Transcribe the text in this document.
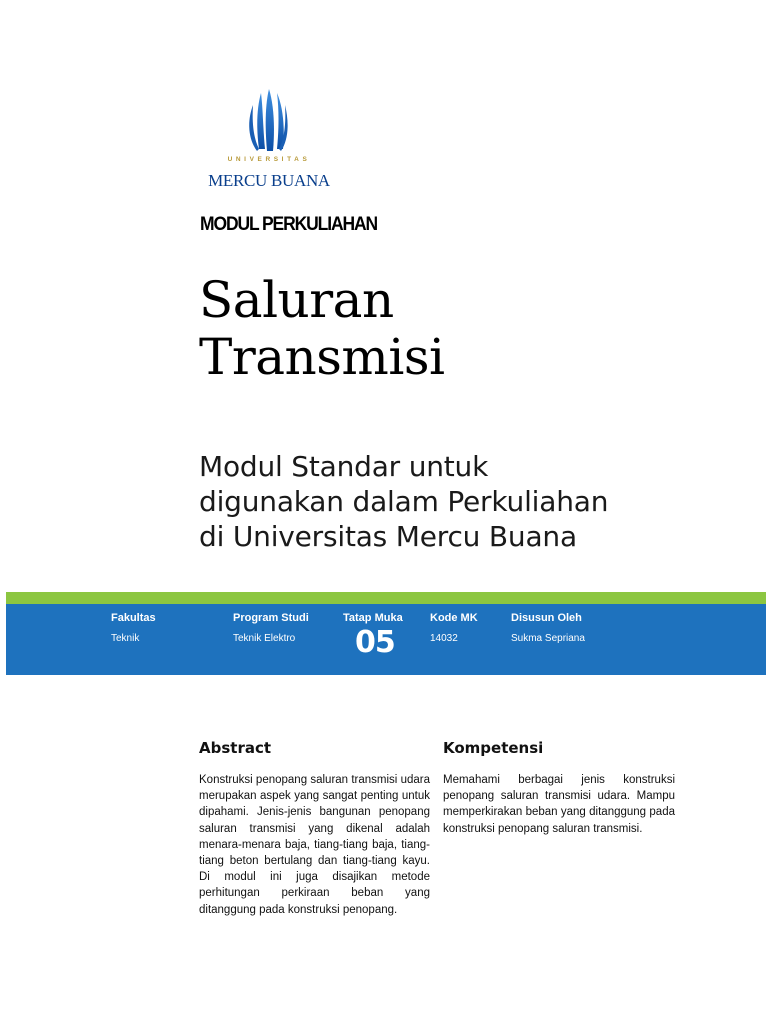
UNIVERSITAS
MERCU BUANA
MODUL PERKULIAHAN
Saluran
Transmisi
Modul Standar untuk
digunakan dalam Perkuliahan
di Universitas Mercu Buana
Fakultas
Teknik
Program Studi
Teknik Elektro
Tatap Muka
05
Kode MK
14032
Disusun Oleh
Sukma Sepriana
Abstract
Konstruksi penopang saluran transmisi udara merupakan aspek yang sangat penting untuk dipahami. Jenis-jenis bangunan penopang saluran transmisi yang dikenal adalah menara-menara baja, tiang-tiang baja, tiang-tiang beton bertulang dan tiang-tiang kayu. Di modul ini juga disajikan metode perhitungan perkiraan beban yang ditanggung pada konstruksi penopang.
Kompetensi
Memahami berbagai jenis konstruksi penopang saluran transmisi udara. Mampu memperkirakan beban yang ditanggung pada konstruksi penopang saluran transmisi.
